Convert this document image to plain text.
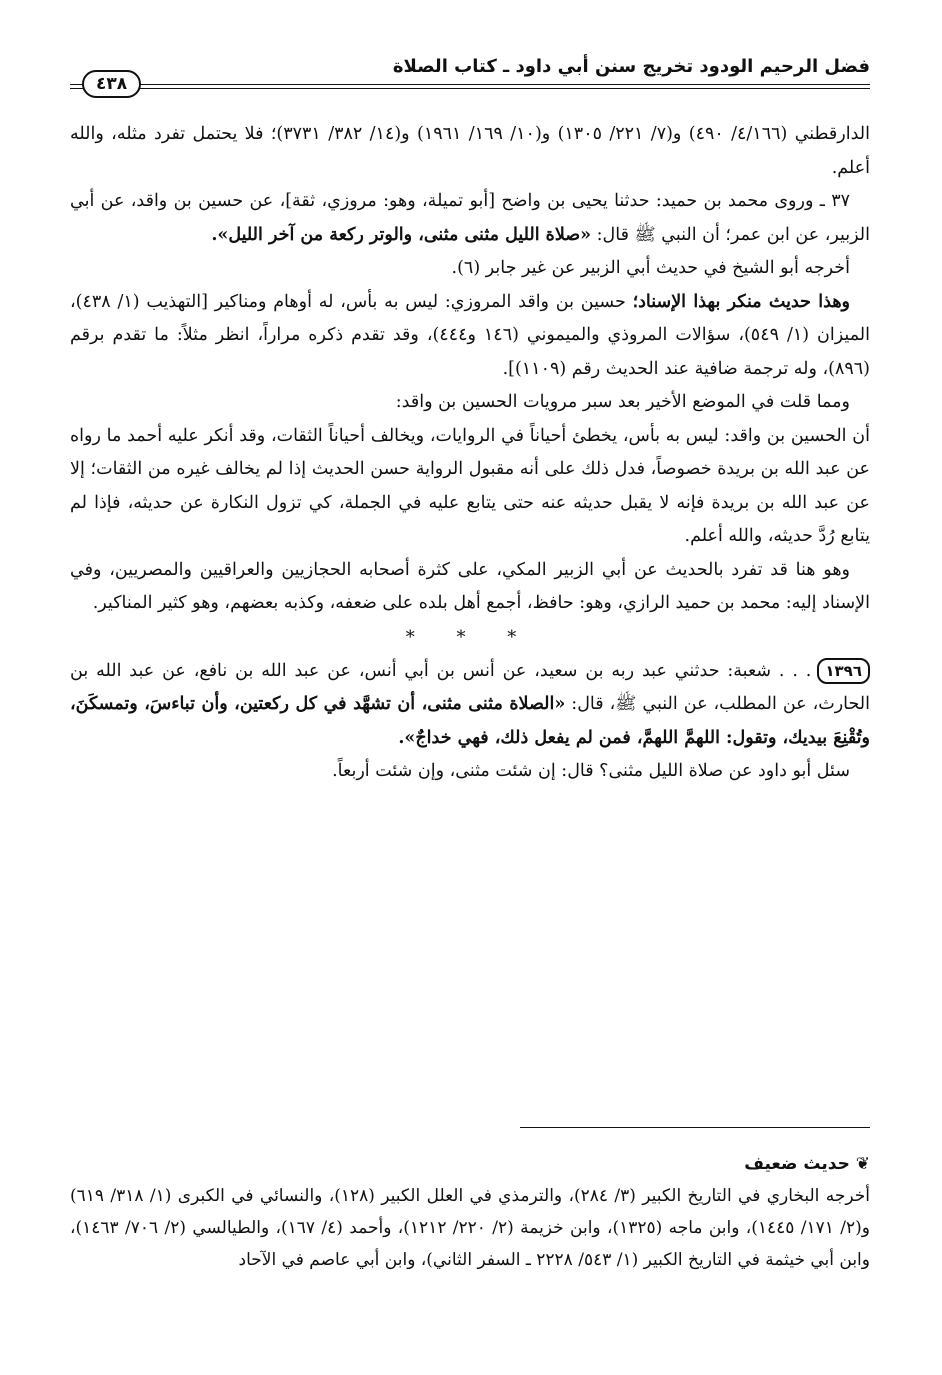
فضل الرحيم الودود تخريج سنن أبي داود ـ كتاب الصلاة
٤٣٨

الدارقطني (٤/١٦٦/ ٤٩٠) و(٧/ ٢٢١/ ١٣٠٥) و(١٠/ ١٦٩/ ١٩٦١) و(١٤/ ٣٨٢/ ٣٧٣١)؛ فلا يحتمل تفرد مثله، والله أعلم.

٣٧ ـ وروى محمد بن حميد: حدثنا يحيى بن واضح [أبو تميلة، وهو: مروزي، ثقة]، عن حسين بن واقد، عن أبي الزبير، عن ابن عمر؛ أن النبي ﷺ قال: «صلاة الليل مثنى مثنى، والوتر ركعة من آخر الليل».

أخرجه أبو الشيخ في حديث أبي الزبير عن غير جابر (٦).

وهذا حديث منكر بهذا الإسناد؛ حسين بن واقد المروزي: ليس به بأس، له أوهام ومناكير [التهذيب (١/ ٤٣٨)، الميزان (١/ ٥٤٩)، سؤالات المروذي والميموني (١٤٦ و٤٤٤)، وقد تقدم ذكره مراراً، انظر مثلاً: ما تقدم برقم (٨٩٦)، وله ترجمة ضافية عند الحديث رقم (١١٠٩)].

ومما قلت في الموضع الأخير بعد سبر مرويات الحسين بن واقد:

أن الحسين بن واقد: ليس به بأس، يخطئ أحياناً في الروايات، ويخالف أحياناً الثقات، وقد أنكر عليه أحمد ما رواه عن عبد الله بن بريدة خصوصاً، فدل ذلك على أنه مقبول الرواية حسن الحديث إذا لم يخالف غيره من الثقات؛ إلا عن عبد الله بن بريدة فإنه لا يقبل حديثه عنه حتى يتابع عليه في الجملة، كي تزول النكارة عن حديثه، فإذا لم يتابع رُدَّ حديثه، والله أعلم.

وهو هنا قد تفرد بالحديث عن أبي الزبير المكي، على كثرة أصحابه الحجازيين والعراقيين والمصريين، وفي الإسناد إليه: محمد بن حميد الرازي، وهو: حافظ، أجمع أهل بلده على ضعفه، وكذبه بعضهم، وهو كثير المناكير.

* * *

١٣٩٦. . . شعبة: حدثني عبد ربه بن سعيد، عن أنس بن أبي أنس، عن عبد الله بن نافع، عن عبد الله بن الحارث، عن المطلب، عن النبي ﷺ، قال: «الصلاة مثنى مثنى، أن تشهَّد في كل ركعتين، وأن تباءسَ، وتمسكَنَ، وتُقْنِعَ بيديك، وتقول: اللهمَّ اللهمَّ، فمن لم يفعل ذلك، فهي خداجٌ».

سئل أبو داود عن صلاة الليل مثنى؟ قال: إن شئت مثنى، وإن شئت أربعاً.

❦ حديث ضعيف

أخرجه البخاري في التاريخ الكبير (٣/ ٢٨٤)، والترمذي في العلل الكبير (١٢٨)، والنسائي في الكبرى (١/ ٣١٨/ ٦١٩) و(٢/ ١٧١/ ١٤٤٥)، وابن ماجه (١٣٢٥)، وابن خزيمة (٢/ ٢٢٠/ ١٢١٢)، وأحمد (٤/ ١٦٧)، والطيالسي (٢/ ٧٠٦/ ١٤٦٣)، وابن أبي خيثمة في التاريخ الكبير (١/ ٥٤٣/ ٢٢٢٨ ـ السفر الثاني)، وابن أبي عاصم في الآحاد
